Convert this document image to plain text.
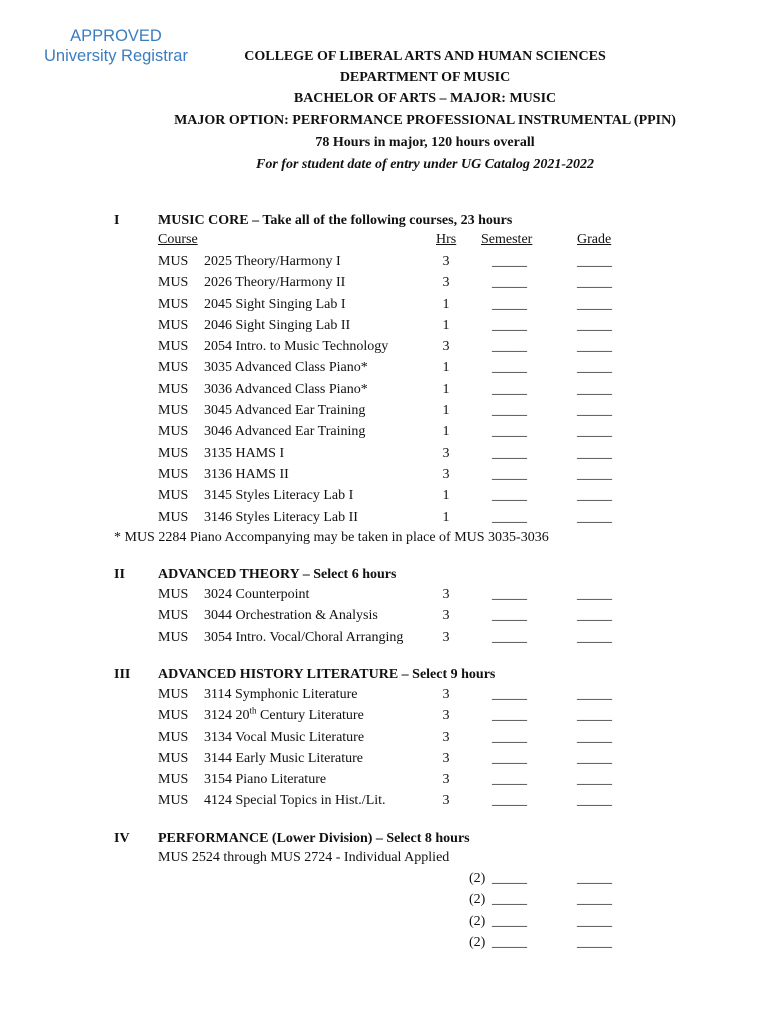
APPROVED
University Registrar	COLLEGE OF LIBERAL ARTS AND HUMAN SCIENCES
DEPARTMENT OF MUSIC
BACHELOR OF ARTS – MAJOR: MUSIC
MAJOR OPTION: PERFORMANCE PROFESSIONAL INSTRUMENTAL (PPIN)
78 Hours in major, 120 hours overall
For for student date of entry under UG Catalog 2021-2022
I	MUSIC CORE – Take all of the following courses, 23 hours
Course	Hrs Semester	Grade
MUS 2025 Theory/Harmony I	3	_____	_____
MUS 2026 Theory/Harmony II	3	_____	_____
MUS 2045 Sight Singing Lab I	1	_____	_____
MUS 2046 Sight Singing Lab II	1	_____	_____
MUS 2054 Intro. to Music Technology	3	_____	_____
MUS 3035 Advanced Class Piano*	1	_____	_____
MUS 3036 Advanced Class Piano*	1	_____	_____
MUS 3045 Advanced Ear Training	1	_____	_____
MUS 3046 Advanced Ear Training	1	_____	_____
MUS 3135 HAMS I	3	_____	_____
MUS 3136 HAMS II	3	_____	_____
MUS 3145 Styles Literacy Lab I	1	_____	_____
MUS 3146 Styles Literacy Lab II	1	_____	_____
* MUS 2284 Piano Accompanying may be taken in place of MUS 3035-3036
II ADVANCED THEORY – Select 6 hours
MUS 3024 Counterpoint	3	_____	_____
MUS 3044 Orchestration & Analysis	3	_____	_____
MUS 3054 Intro. Vocal/Choral Arranging	3	_____	_____
III ADVANCED HISTORY LITERATURE – Select 9 hours
MUS 3114 Symphonic Literature	3	_____	_____
MUS 3124 20th Century Literature	3	_____	_____
MUS 3134 Vocal Music Literature	3	_____	_____
MUS 3144 Early Music Literature	3	_____	_____
MUS 3154 Piano Literature	3	_____	_____
MUS 4124 Special Topics in Hist./Lit.	3	_____	_____
IV PERFORMANCE (Lower Division) – Select 8 hours
MUS 2524 through MUS 2724 - Individual Applied
(2) _____	_____
(2) _____	_____
(2) _____	_____
(2) _____	_____
